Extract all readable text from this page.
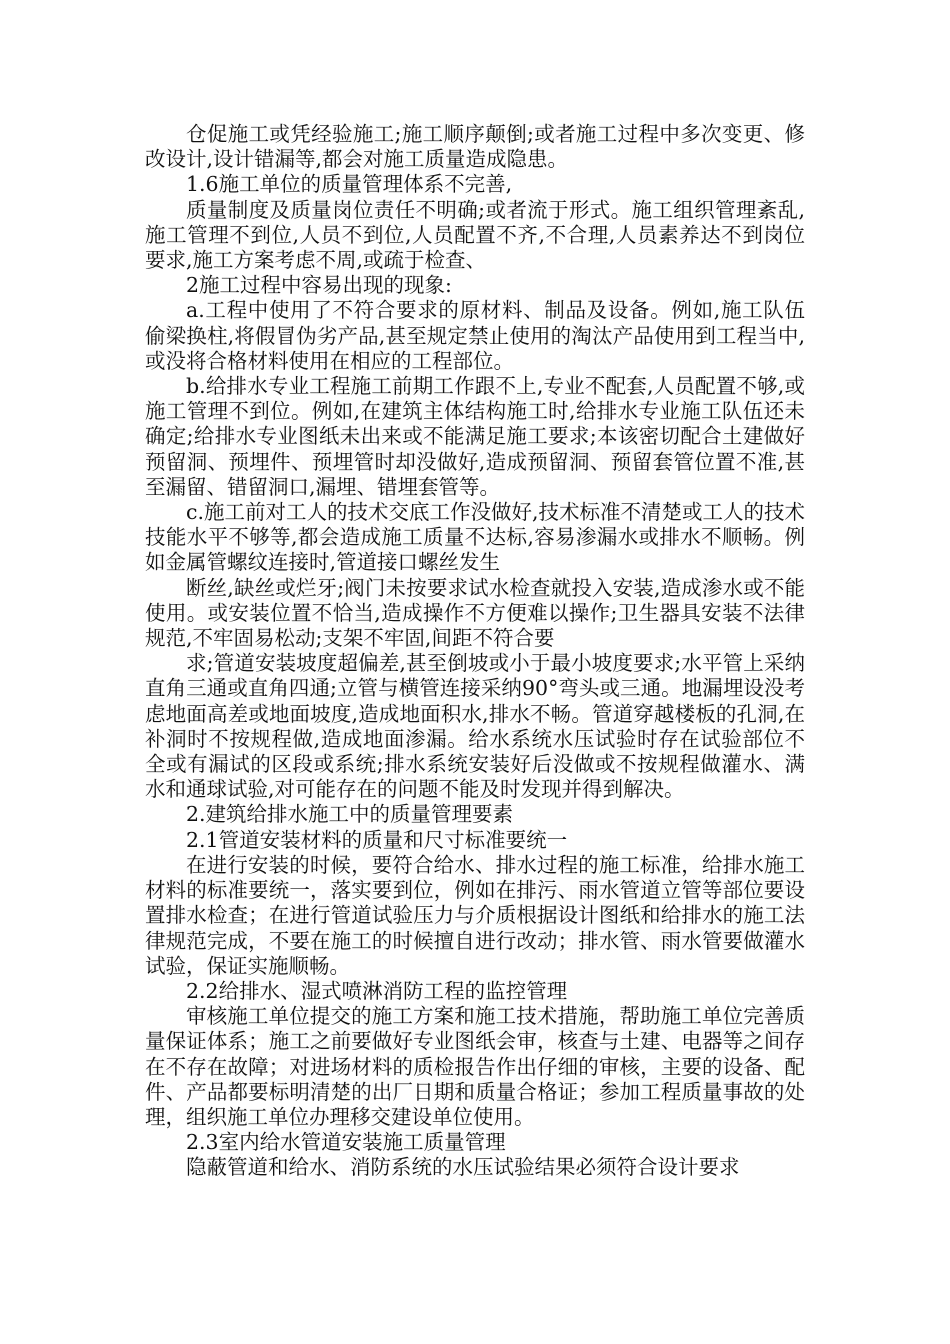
仓促施工或凭经验施工;施工顺序颠倒;或者施工过程中多次变更、修改设计,设计错漏等,都会对施工质量造成隐患。

1.6施工单位的质量管理体系不完善,

质量制度及质量岗位责任不明确;或者流于形式。施工组织管理紊乱,施工管理不到位,人员不到位,人员配置不齐,不合理,人员素养达不到岗位要求,施工方案考虑不周,或疏于检查、

2施工过程中容易出现的现象:

a.工程中使用了不符合要求的原材料、制品及设备。例如,施工队伍偷梁换柱,将假冒伪劣产品,甚至规定禁止使用的淘汰产品使用到工程当中,或没将合格材料使用在相应的工程部位。

b.给排水专业工程施工前期工作跟不上,专业不配套,人员配置不够,或施工管理不到位。例如,在建筑主体结构施工时,给排水专业施工队伍还未确定;给排水专业图纸未出来或不能满足施工要求;本该密切配合土建做好预留洞、预埋件、预埋管时却没做好,造成预留洞、预留套管位置不准,甚至漏留、错留洞口,漏埋、错埋套管等。

c.施工前对工人的技术交底工作没做好,技术标准不清楚或工人的技术技能水平不够等,都会造成施工质量不达标,容易渗漏水或排水不顺畅。例如金属管螺纹连接时,管道接口螺丝发生

断丝,缺丝或烂牙;阀门未按要求试水检查就投入安装,造成渗水或不能使用。或安装位置不恰当,造成操作不方便难以操作;卫生器具安装不法律规范,不牢固易松动;支架不牢固,间距不符合要

求;管道安装坡度超偏差,甚至倒坡或小于最小坡度要求;水平管上采纳直角三通或直角四通;立管与横管连接采纳90°弯头或三通。地漏埋设没考虑地面高差或地面坡度,造成地面积水,排水不畅。管道穿越楼板的孔洞,在补洞时不按规程做,造成地面渗漏。给水系统水压试验时存在试验部位不全或有漏试的区段或系统;排水系统安装好后没做或不按规程做灌水、满水和通球试验,对可能存在的问题不能及时发现并得到解决。

2.建筑给排水施工中的质量管理要素

2.1管道安装材料的质量和尺寸标准要统一

在进行安装的时候，要符合给水、排水过程的施工标准，给排水施工材料的标准要统一，落实要到位，例如在排污、雨水管道立管等部位要设置排水检查；在进行管道试验压力与介质根据设计图纸和给排水的施工法律规范完成，不要在施工的时候擅自进行改动；排水管、雨水管要做灌水试验，保证实施顺畅。

2.2给排水、湿式喷淋消防工程的监控管理

审核施工单位提交的施工方案和施工技术措施，帮助施工单位完善质量保证体系；施工之前要做好专业图纸会审，核查与土建、电器等之间存在不存在故障；对进场材料的质检报告作出仔细的审核，主要的设备、配件、产品都要标明清楚的出厂日期和质量合格证；参加工程质量事故的处理，组织施工单位办理移交建设单位使用。

2.3室内给水管道安装施工质量管理

隐蔽管道和给水、消防系统的水压试验结果必须符合设计要求
